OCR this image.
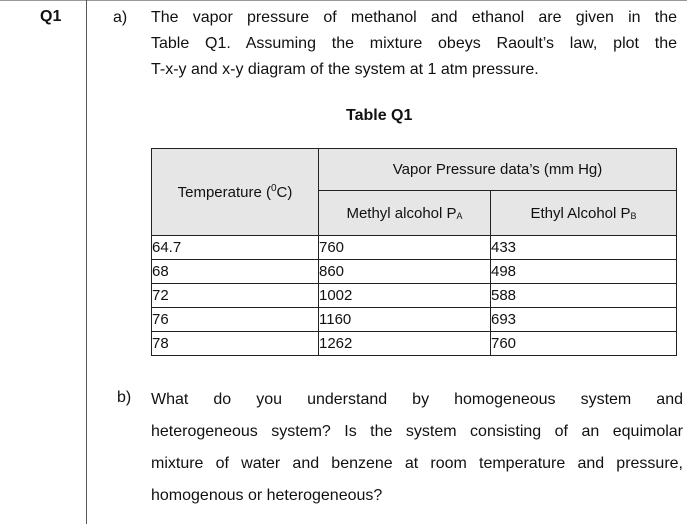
Q1	a) The vapor pressure of methanol and ethanol are given in the
Table Q1. Assuming the mixture obeys Raoult’s law, plot the
T-x-y and x-y diagram of the system at 1 atm pressure.
Table Q1
Temperature ($^0$C)	Vapor Pressure data’s (mm Hg)	
	Methyl alcohol $P_A$	Ethyl Alcohol $P_B$
64.7	760	433
68	860	498
72	1002	588
76	1160	693
78	1262	760
b) What do you understand by homogeneous system and
heterogeneous system? Is the system consisting of an equimolar
mixture of water and benzene at room temperature and pressure,
homogenous or heterogeneous?
